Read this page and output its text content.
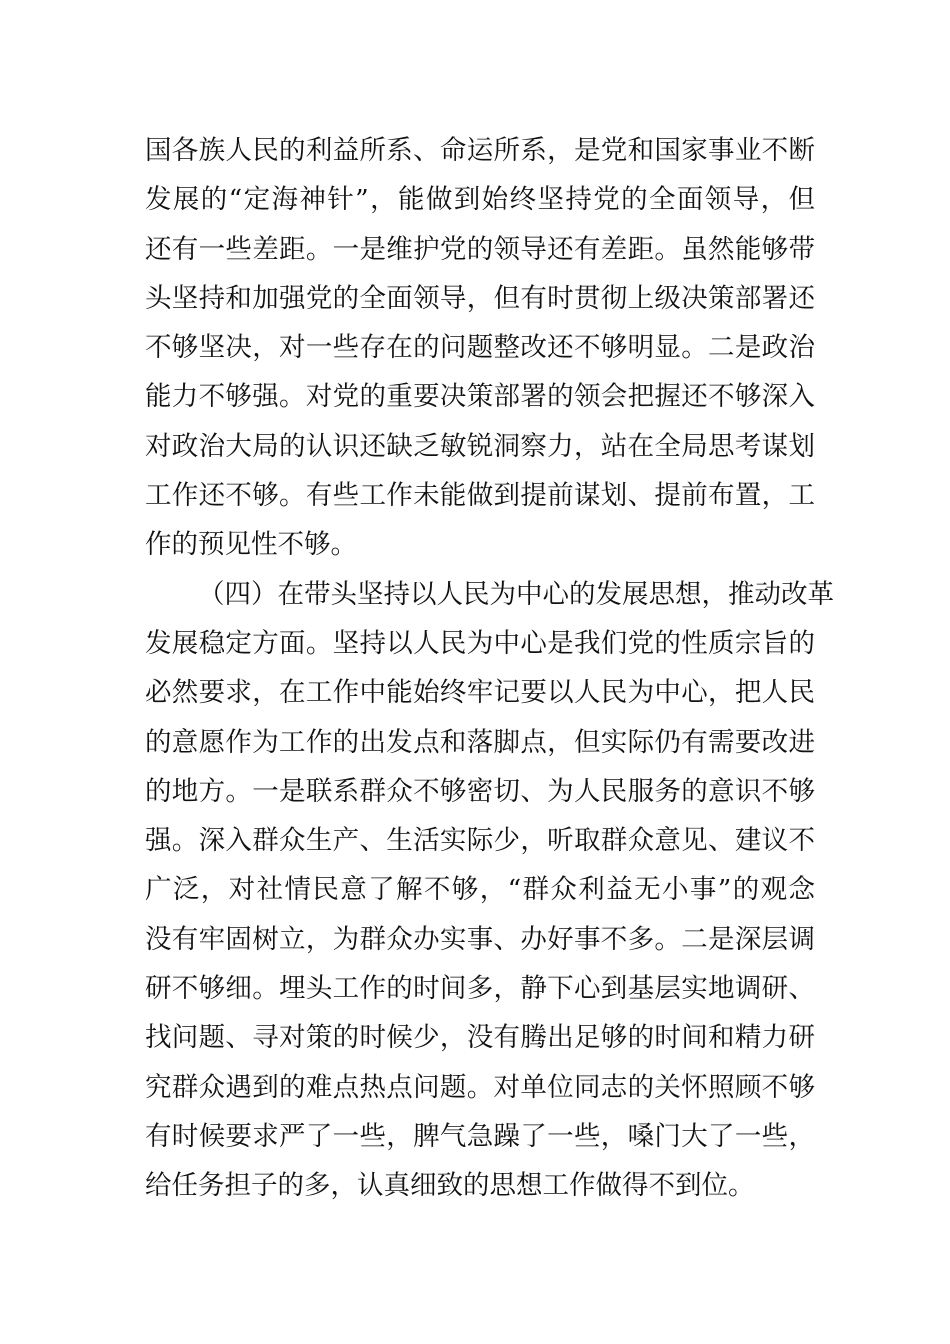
国各族人民的利益所系、命运所系，是党和国家事业不断
发展的“定海神针”，能做到始终坚持党的全面领导，但
还有一些差距。一是维护党的领导还有差距。虽然能够带
头坚持和加强党的全面领导，但有时贯彻上级决策部署还
不够坚决，对一些存在的问题整改还不够明显。二是政治
能力不够强。对党的重要决策部署的领会把握还不够深入
对政治大局的认识还缺乏敏锐洞察力，站在全局思考谋划
工作还不够。有些工作未能做到提前谋划、提前布置，工
作的预见性不够。
（四）在带头坚持以人民为中心的发展思想，推动改革
发展稳定方面。坚持以人民为中心是我们党的性质宗旨的
必然要求，在工作中能始终牢记要以人民为中心，把人民
的意愿作为工作的出发点和落脚点，但实际仍有需要改进
的地方。一是联系群众不够密切、为人民服务的意识不够
强。深入群众生产、生活实际少，听取群众意见、建议不
广泛，对社情民意了解不够，“群众利益无小事”的观念
没有牢固树立，为群众办实事、办好事不多。二是深层调
研不够细。埋头工作的时间多，静下心到基层实地调研、
找问题、寻对策的时候少，没有腾出足够的时间和精力研
究群众遇到的难点热点问题。对单位同志的关怀照顾不够
有时候要求严了一些，脾气急躁了一些，嗓门大了一些，
给任务担子的多，认真细致的思想工作做得不到位。
